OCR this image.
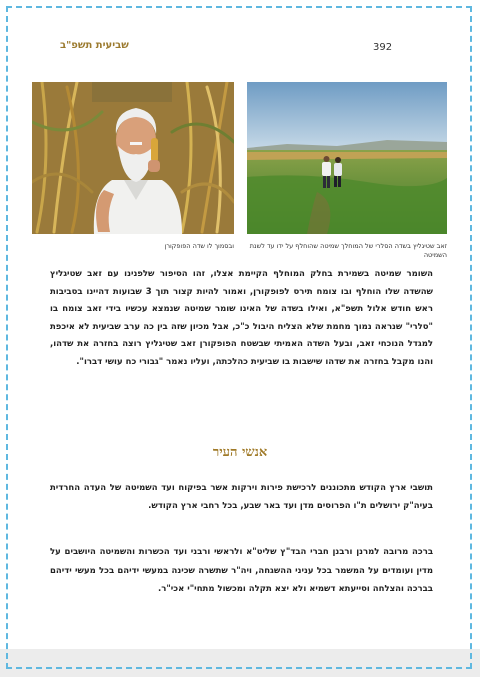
392
שביעית תשפ"ב
זאב שטיגליץ בשדה הסלרי של המוחלך שמיטה שהוחלף על ידו עד לשנת השמיטה
ובסמוך לו שדה הפופקורן

השומר שמיטה בשמירת בחלק המוחלף הקיימת אצלו, זהו הסיפור שלפנינו עם זאב שטיגליץ שהשדה שלו הוחלף ובו צומח תירס לפופקורן, ואמור להיות קצור תוך 3 שבועות דהיינו בסביבות ראש חודש אלול תשפ"א, ואילו בשדה של האינו שומר שמיטה שנמצא עכשיו בידי זאב צומח בו "סלרי" שנראה נמוך מחמת שלא הצליח היבול כ"כ, אבל מכיון שזה בין כה ערב שביעית לא איכפת למגדל הנוכחי זאב, ובעל השדה האמיתי שבשטח הפופקורן זאב שטיגליץ רוצה בחזרה את שדהו, והנו מקבל בחזרה את שדהו שישבות בו שביעית כהלכתה, ועליו נאמר "גבורי כח עושי דברו".

אנשי העיר

תושבי ארץ הקודש מתכוננים לרכישת פירות וירקות אשר בפיקוח ועד השמיטה של העדה החרדית בעיה"ק ירושלים ת"ו הפרוסים מדן ועד באר שבע, בכל רחבי ארץ הקודש.

ברכה מרובה למרנן ורבנן חברי הבד"ץ שליט"א ולראשי ורבני ועד הכשרות והשמיטה היושבים על מדין ועומדים על המשמר בכל עניני ההשגחה, ויה"ר שתשרה שכינה במעשי ידיהם בכל מעשי ידיהם בברכה והצלחה וסייעתא דשמיא ולא יצא תקלה ומכשול מתחי"י אכי"ר.
